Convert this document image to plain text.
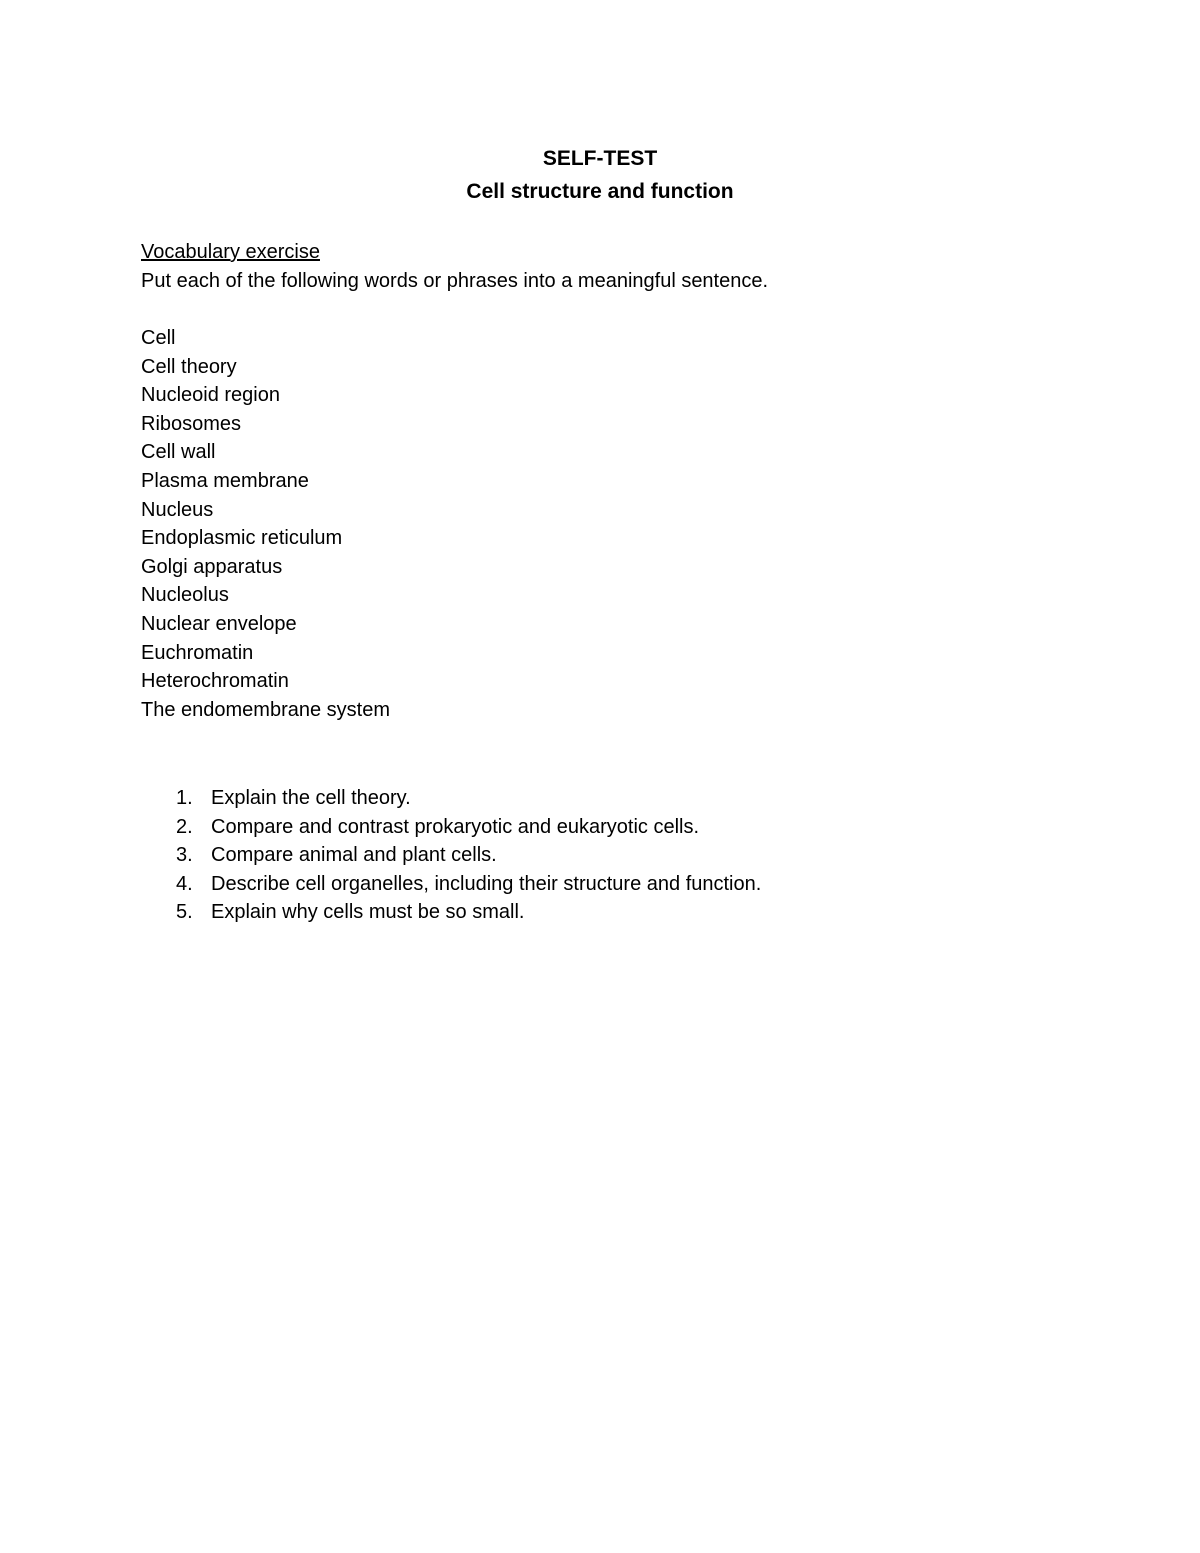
SELF-TEST
Cell structure and function

Vocabulary exercise

Put each of the following words or phrases into a meaningful sentence.

Cell
Cell theory
Nucleoid region
Ribosomes
Cell wall
Plasma membrane
Nucleus
Endoplasmic reticulum
Golgi apparatus
Nucleolus
Nuclear envelope
Euchromatin
Heterochromatin
The endomembrane system
1. Explain the cell theory.
2. Compare and contrast prokaryotic and eukaryotic cells.
3. Compare animal and plant cells.
4. Describe cell organelles, including their structure and function.
5. Explain why cells must be so small.
